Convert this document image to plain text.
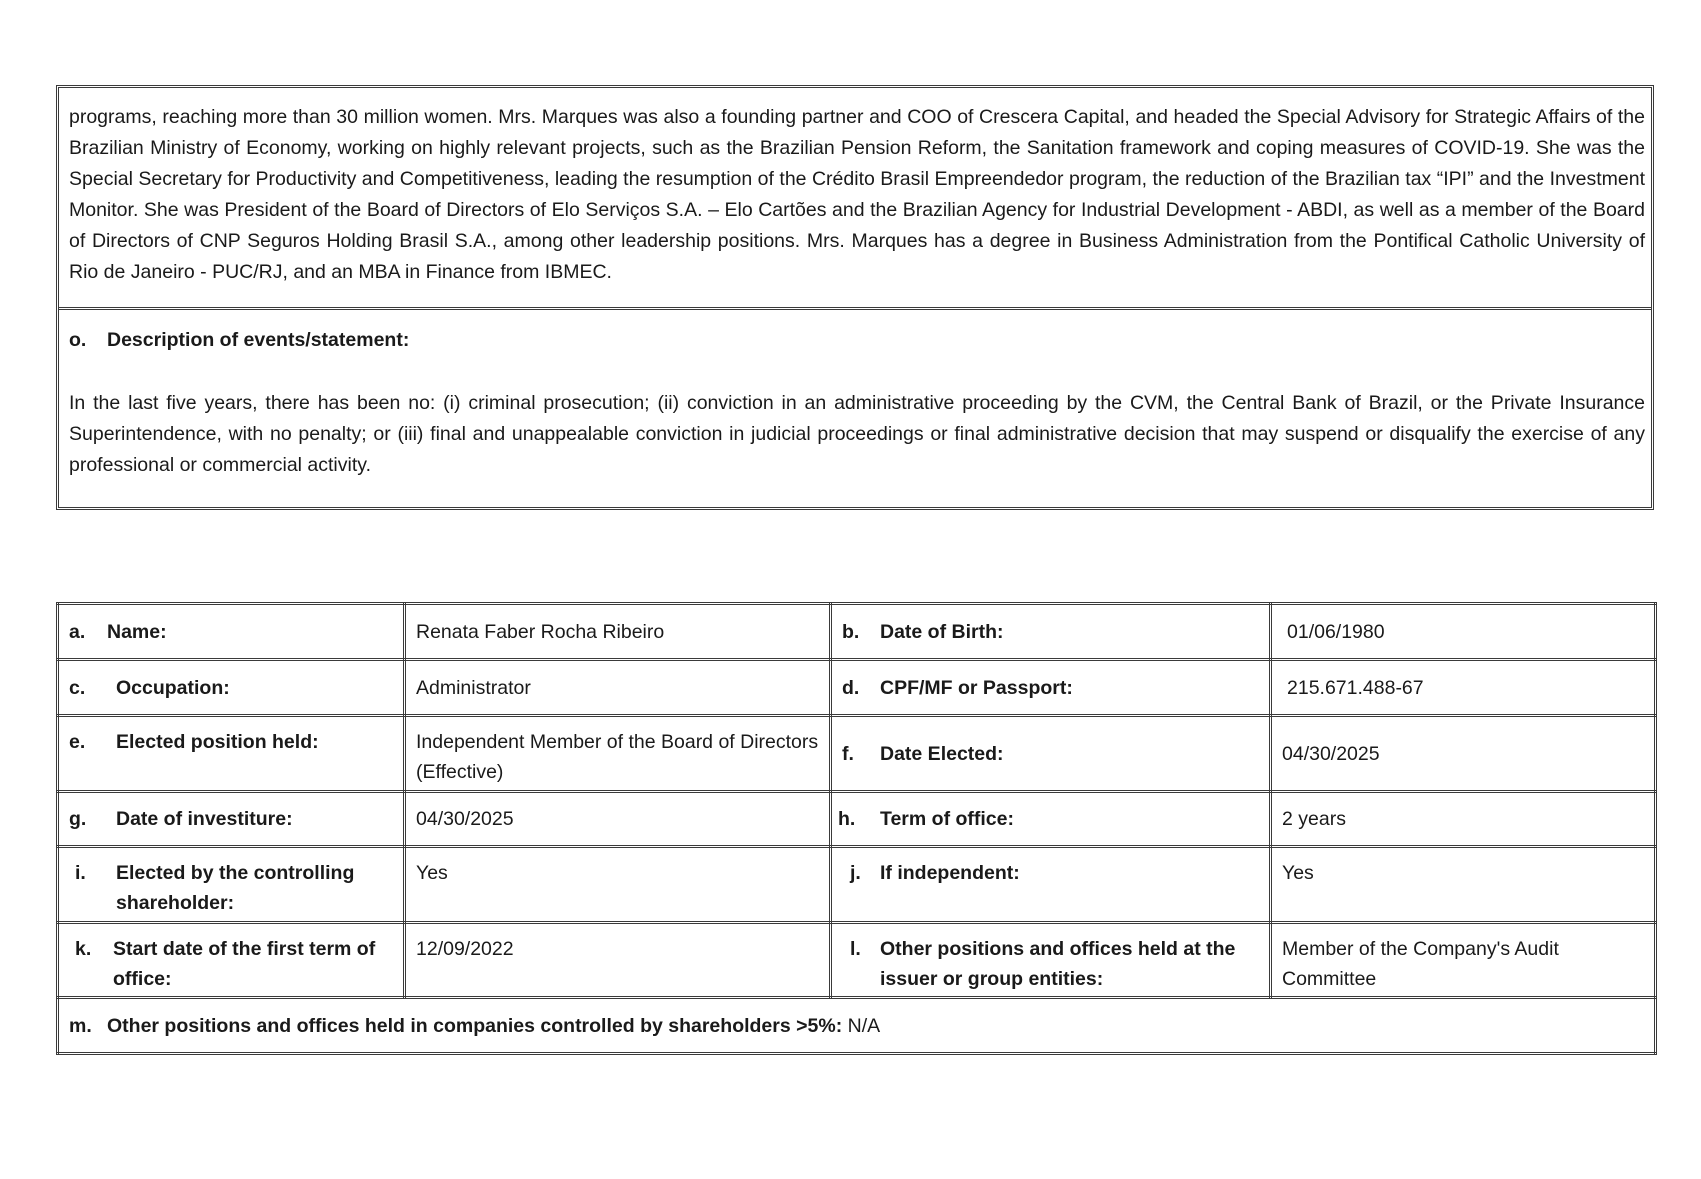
programs, reaching more than 30 million women. Mrs. Marques was also a founding partner and COO of Crescera Capital, and headed the Special Advisory for Strategic Affairs of the Brazilian Ministry of Economy, working on highly relevant projects, such as the Brazilian Pension Reform, the Sanitation framework and coping measures of COVID-19. She was the Special Secretary for Productivity and Competitiveness, leading the resumption of the Crédito Brasil Empreendedor program, the reduction of the Brazilian tax “IPI” and the Investment Monitor. She was President of the Board of Directors of Elo Serviços S.A. – Elo Cartões and the Brazilian Agency for Industrial Development - ABDI, as well as a member of the Board of Directors of CNP Seguros Holding Brasil S.A., among other leadership positions. Mrs. Marques has a degree in Business Administration from the Pontifical Catholic University of Rio de Janeiro - PUC/RJ, and an MBA in Finance from IBMEC.

o. Description of events/statement:

In the last five years, there has been no: (i) criminal prosecution; (ii) conviction in an administrative proceeding by the CVM, the Central Bank of Brazil, or the Private Insurance Superintendence, with no penalty; or (iii) final and unappealable conviction in judicial proceedings or final administrative decision that may suspend or disqualify the exercise of any professional or commercial activity.

a. Name:	Renata Faber Rocha Ribeiro	b. Date of Birth:	01/06/1980

c. Occupation:	Administrator	d. CPF/MF or Passport:	215.671.488-67

e. Elected position held:	Independent Member of the Board of Directors (Effective)	f. Date Elected:	04/30/2025

g. Date of investiture:	04/30/2025	h. Term of office:	2 years

i. Elected by the controlling shareholder:	Yes	j. If independent:	Yes

k. Start date of the first term of office:	12/09/2022	l. Other positions and offices held at the issuer or group entities:	Member of the Company's Audit Committee
m. Other positions and offices held in companies controlled by shareholders >5%: N/A			
